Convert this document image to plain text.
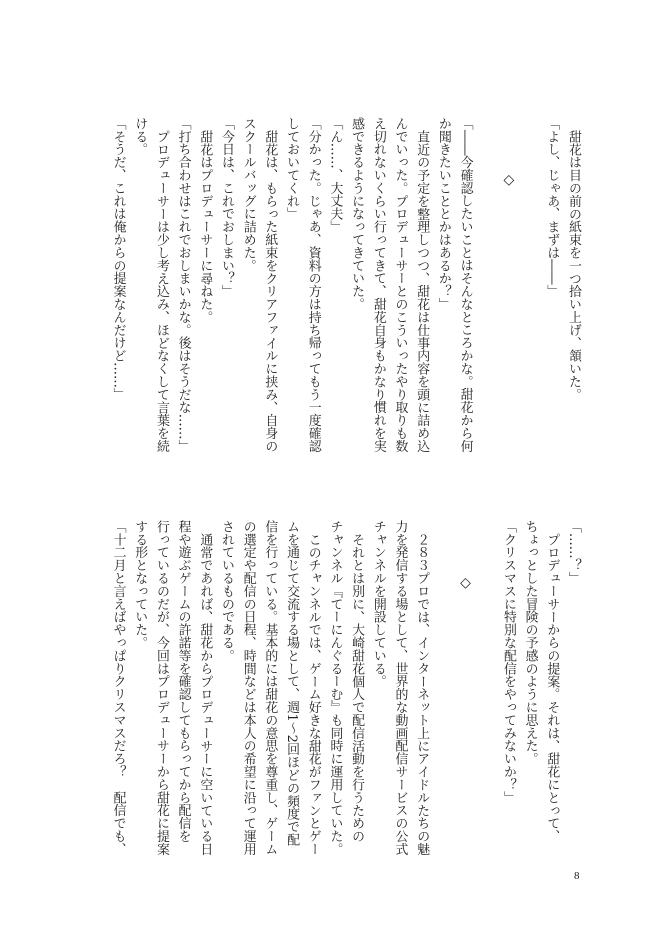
甜花は目の前の紙束を一つ拾い上げ、頷いた。
「よし、じゃあ、まずは――」
◇
「――今確認したいことはそんなところかな。甜花から何
か聞きたいこととかはあるか？」
直近の予定を整理しつつ、甜花は仕事内容を頭に詰め込
んでいった。プロデューサーとのこういったやり取りも数
え切れないくらい行ってきて、甜花自身もかなり慣れを実
感できるようになってきていた。
「ん……、大丈夫」
「分かった。じゃあ、資料の方は持ち帰ってもう一度確認
しておいてくれ」
甜花は、もらった紙束をクリアファイルに挟み、自身の
スクールバッグに詰めた。
「今日は、これでおしまい？」
甜花はプロデューサーに尋ねた。
「打ち合わせはこれでおしまいかな。後はそうだな……」
プロデューサーは少し考え込み、ほどなくして言葉を続
ける。
「そうだ、これは俺からの提案なんだけど……」
「……？」
プロデューサーからの提案。それは、甜花にとって、
ちょっとした冒険の予感のように思えた。
「クリスマスに特別な配信をやってみないか？」
◇
２８３プロでは、インターネット上にアイドルたちの魅
力を発信する場として、世界的な動画配信サービスの公式
チャンネルを開設している。
それとは別に、大崎甜花個人で配信活動を行うための
チャンネル『てーにんぐるーむ』も同時に運用していた。
このチャンネルでは、ゲーム好きな甜花がファンとゲー
ムを通じて交流する場として、週1～2回ほどの頻度で配
信を行っている。基本的には甜花の意思を尊重し、ゲーム
の選定や配信の日程、時間などは本人の希望に沿って運用
されているものである。
通常であれば、甜花からプロデューサーに空いている日
程や遊ぶゲームの許諾等を確認してもらってから配信を
行っているのだが、今回はプロデューサーから甜花に提案
する形となっていた。
「十二月と言えばやっぱりクリスマスだろ？　配信でも、
8
